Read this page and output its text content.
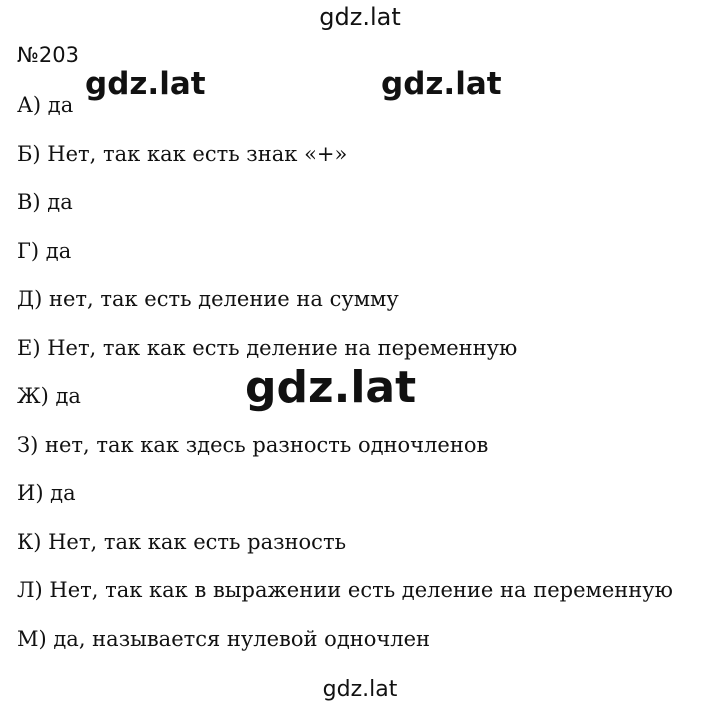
gdz.lat
gdz.lat	gdz.lat
№203
А) да
Б) Нет, так как есть знак «+»
В) да
Г) да
Д) нет, так есть деление на сумму
Е) Нет, так как есть деление на переменную
Ж) да
З) нет, так как здесь разность одночленов
И) да
К) Нет, так как есть разность
Л) Нет, так как в выражении есть деление на переменную
М) да, называется нулевой одночлен
gdz.lat
gdz.lat
